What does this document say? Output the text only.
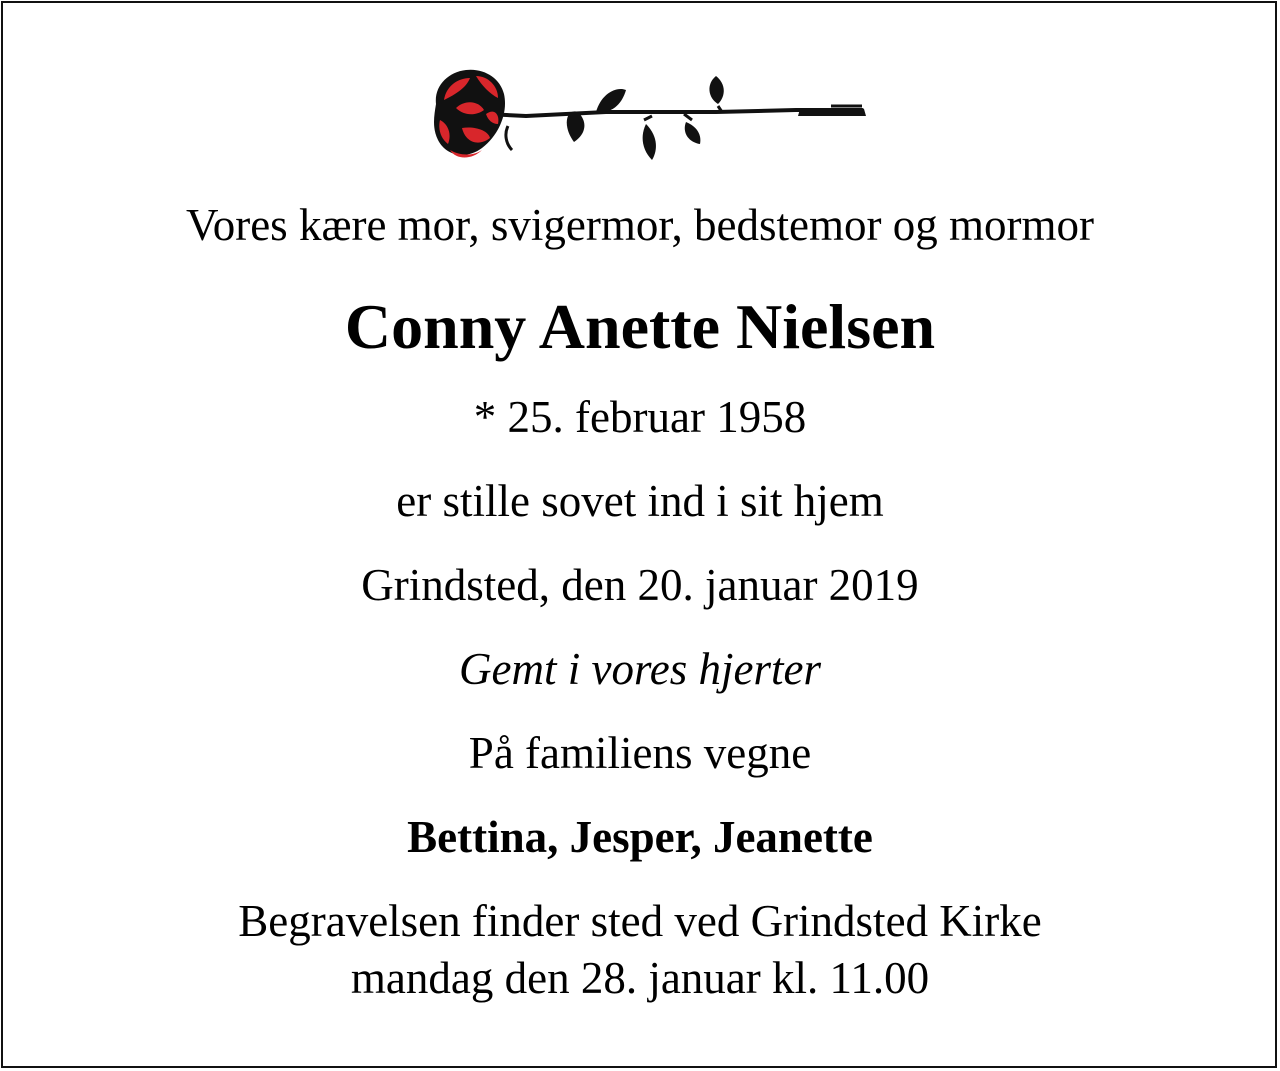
Vores kære mor, svigermor, bedstemor og mormor
Conny Anette Nielsen
* 25. februar 1958
er stille sovet ind i sit hjem
Grindsted, den 20. januar 2019
Gemt i vores hjerter
På familiens vegne
Bettina, Jesper, Jeanette
Begravelsen finder sted ved Grindsted Kirke
mandag den 28. januar kl. 11.00
